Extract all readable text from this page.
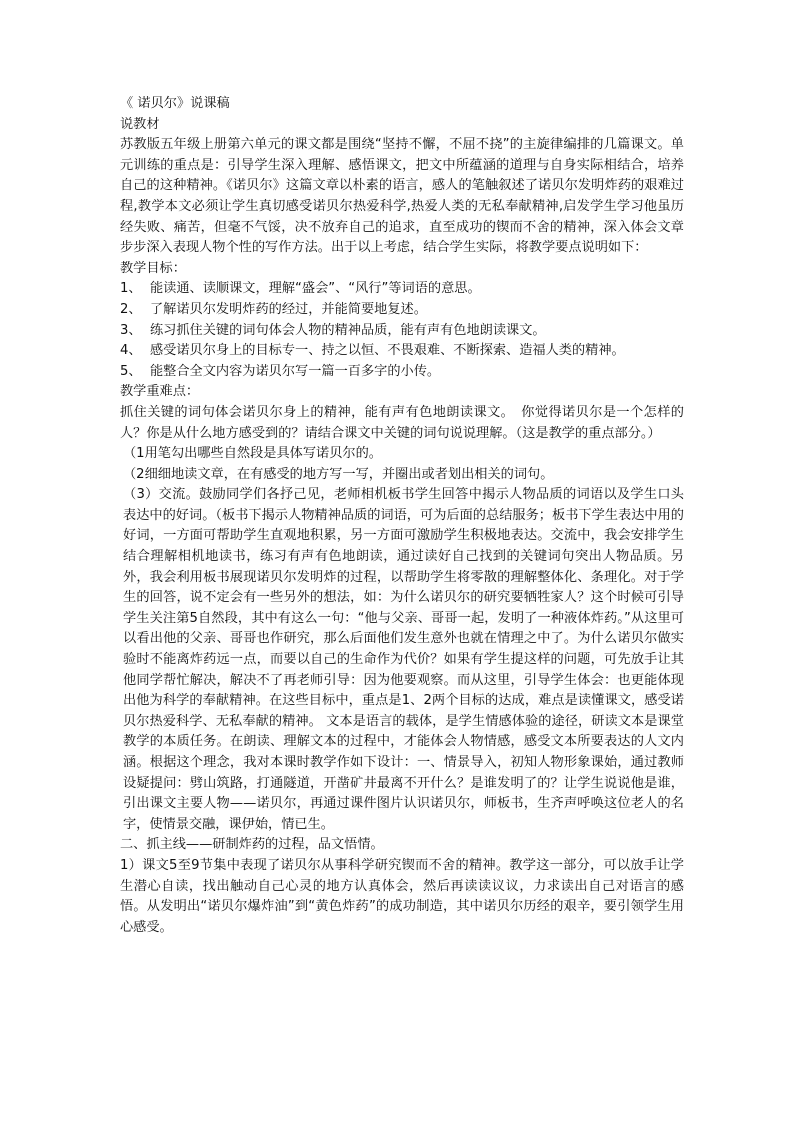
《 诺贝尔》说课稿

说教材

苏教版五年级上册第六单元的课文都是围绕“坚持不懈，不屈不挠”的主旋律编排的几篇课文。单元训练的重点是：引导学生深入理解、感悟课文，把文中所蕴涵的道理与自身实际相结合，培养自己的这种精神。《诺贝尔》这篇文章以朴素的语言，感人的笔触叙述了诺贝尔发明炸药的艰难过程,教学本文必须让学生真切感受诺贝尔热爱科学,热爱人类的无私奉献精神,启发学生学习他虽历经失败、痛苦，但毫不气馁，决不放弃自己的追求，直至成功的锲而不舍的精神，深入体会文章步步深入表现人物个性的写作方法。出于以上考虑，结合学生实际，将教学要点说明如下：

教学目标：

1、 能读通、读顺课文，理解“盛会”、“风行”等词语的意思。

2、 了解诺贝尔发明炸药的经过，并能简要地复述。

3、 练习抓住关键的词句体会人物的精神品质，能有声有色地朗读课文。

4、 感受诺贝尔身上的目标专一、持之以恒、不畏艰难、不断探索、造福人类的精神。

5、 能整合全文内容为诺贝尔写一篇一百多字的小传。

教学重难点：

抓住关键的词句体会诺贝尔身上的精神，能有声有色地朗读课文。　你觉得诺贝尔是一个怎样的人？你是从什么地方感受到的？请结合课文中关键的词句说说理解。（这是教学的重点部分。）

（1用笔勾出哪些自然段是具体写诺贝尔的。

（2细细地读文章，在有感受的地方写一写，并圈出或者划出相关的词句。

（3）交流。鼓励同学们各抒己见，老师相机板书学生回答中揭示人物品质的词语以及学生口头表达中的好词。（板书下揭示人物精神品质的词语，可为后面的总结服务；板书下学生表达中用的好词，一方面可帮助学生直观地积累，另一方面可激励学生积极地表达。交流中，我会安排学生结合理解相机地读书，练习有声有色地朗读，通过读好自己找到的关键词句突出人物品质。另外，我会利用板书展现诺贝尔发明炸的过程，以帮助学生将零散的理解整体化、条理化。对于学生的回答，说不定会有一些另外的想法，如：为什么诺贝尔的研究要牺牲家人？这个时候可引导学生关注第5自然段，其中有这么一句：“他与父亲、哥哥一起，发明了一种液体炸药。”从这里可以看出他的父亲、哥哥也作研究，那么后面他们发生意外也就在情理之中了。为什么诺贝尔做实验时不能离炸药远一点，而要以自己的生命作为代价？如果有学生提这样的问题，可先放手让其他同学帮忙解决，解决不了再老师引导：因为他要观察。而从这里，引导学生体会：也更能体现出他为科学的奉献精神。在这些目标中，重点是1、2两个目标的达成，难点是读懂课文，感受诺贝尔热爱科学、无私奉献的精神。 文本是语言的载体，是学生情感体验的途径，研读文本是课堂教学的本质任务。在朗读、理解文本的过程中，才能体会人物情感，感受文本所要表达的人文内涵。根据这个理念，我对本课时教学作如下设计：一、情景导入，初知人物形象课始，通过教师设疑提问：劈山筑路，打通隧道，开凿矿井最离不开什么？是谁发明了的？让学生说说他是谁，引出课文主要人物——诺贝尔，再通过课件图片认识诺贝尔，师板书，生齐声呼唤这位老人的名字，使情景交融，课伊始，情已生。

二、抓主线——研制炸药的过程，品文悟情。

1）课文5至9节集中表现了诺贝尔从事科学研究锲而不舍的精神。教学这一部分，可以放手让学生潜心自读，找出触动自己心灵的地方认真体会，然后再读读议议，力求读出自己对语言的感悟。从发明出“诺贝尔爆炸油”到“黄色炸药”的成功制造，其中诺贝尔历经的艰辛，要引领学生用心感受。
